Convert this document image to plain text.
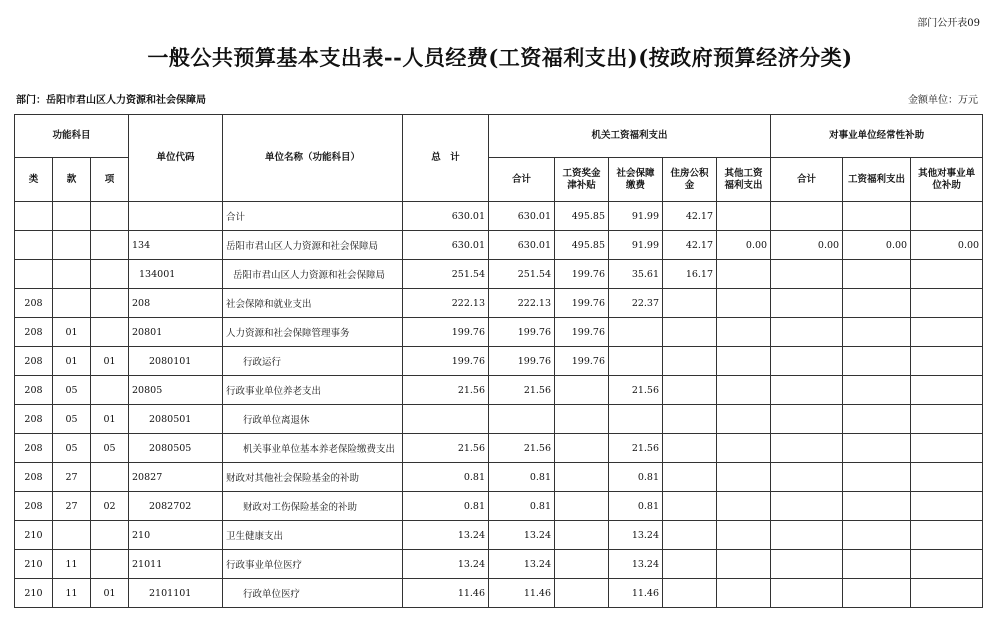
部门公开表09
一般公共预算基本支出表--人员经费(工资福利支出)(按政府预算经济分类)
部门：岳阳市君山区人力资源和社会保障局	金额单位：万元
功能科目			单位代码	单位名称（功能科目）	总　计	机关工资福利支出					对事业单位经常性补助		
类	款	项				合计	工资奖金津补贴	社会保障缴费	住房公积金	其他工资福利支出	合计	工资福利支出	其他对事业单位补助
				合计	630.01	630.01	495.85	91.99	42.17				
			134	岳阳市君山区人力资源和社会保障局	630.01	630.01	495.85	91.99	42.17	0.00	0.00	0.00	0.00
			134001	岳阳市君山区人力资源和社会保障局	251.54	251.54	199.76	35.61	16.17				
208			208	社会保障和就业支出	222.13	222.13	199.76	22.37					
208	01		20801	人力资源和社会保障管理事务	199.76	199.76	199.76						
208	01	01	2080101	行政运行	199.76	199.76	199.76						
208	05		20805	行政事业单位养老支出	21.56	21.56		21.56					
208	05	01	2080501	行政单位离退休									
208	05	05	2080505	机关事业单位基本养老保险缴费支出	21.56	21.56		21.56					
208	27		20827	财政对其他社会保险基金的补助	0.81	0.81		0.81					
208	27	02	2082702	财政对工伤保险基金的补助	0.81	0.81		0.81					
210			210	卫生健康支出	13.24	13.24		13.24					
210	11		21011	行政事业单位医疗	13.24	13.24		13.24					
210	11	01	2101101	行政单位医疗	11.46	11.46		11.46					
